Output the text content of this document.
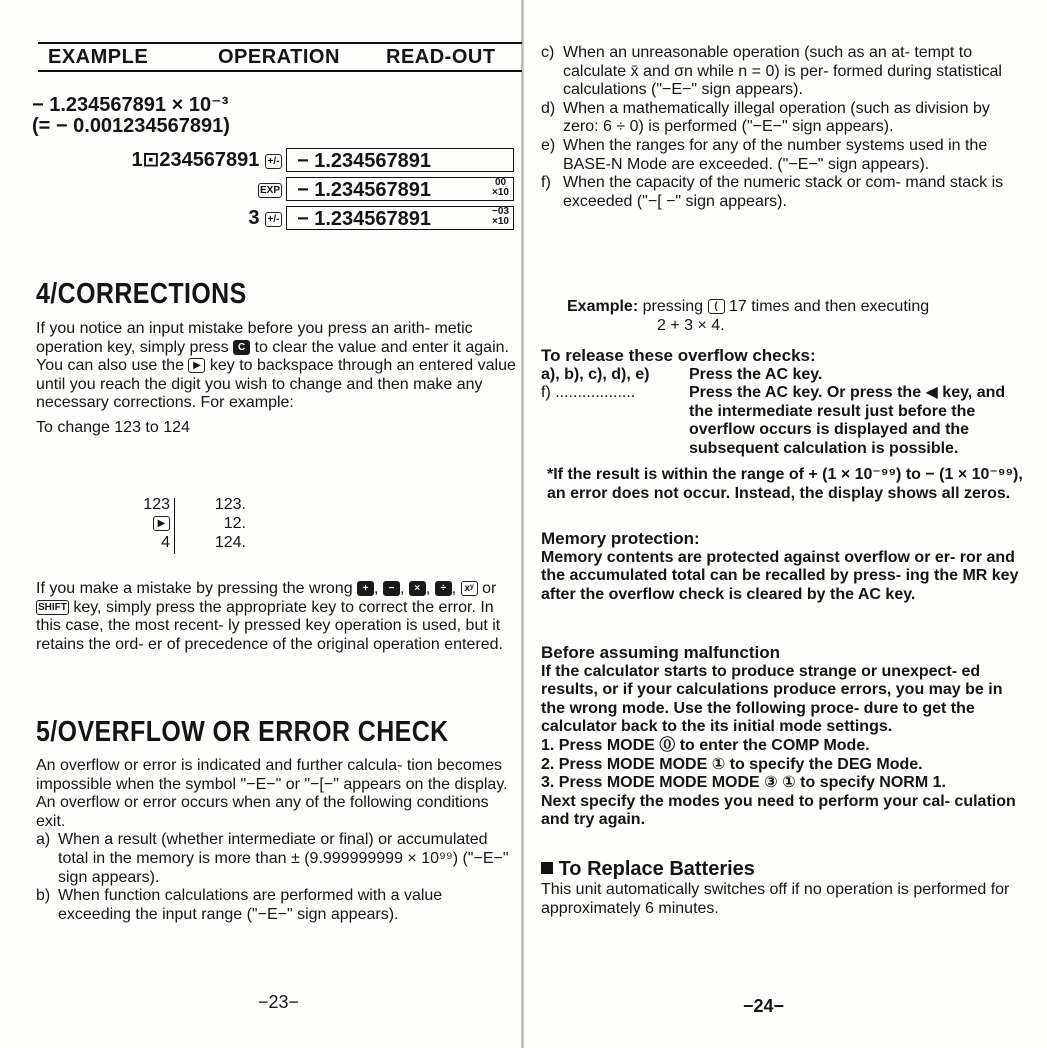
EXAMPLE	OPERATION READ-OUT
− 1.234567891 × 10⁻³
(= − 0.001234567891)
1⊡234567891 +/- − 1.234567891
EXP − 1.234567891	00
×10
3 +/- − 1.234567891	−03
×10
4/CORRECTIONS

If you notice an input mistake before you press an arith- metic operation key, simply press C to clear the value and enter it again.

You can also use the ▶ key to backspace through an entered value until you reach the digit you wish to change and then make any necessary corrections. For example:

To change 123 to 124

123	123.
▶	12.
4	124.
If you make a mistake by pressing the wrong + , − , × , ÷ , xʸ or SHIFT key, simply press the appropriate key to correct the error. In this case, the most recent- ly pressed key operation is used, but it retains the ord- er of precedence of the original operation entered.
5/OVERFLOW OR ERROR CHECK

An overflow or error is indicated and further calcula- tion becomes impossible when the symbol "−E−" or "−[−" appears on the display. An overflow or error occurs when any of the following conditions exit.

a) When a result (whether intermediate or final) or accumulated total in the memory is more than ± (9.999999999 × 10⁹⁹) ("−E−" sign appears).
b) When function calculations are performed with a value exceeding the input range ("−E−" sign appears).
−23−
c) When an unreasonable operation (such as an at- tempt to calculate x̄ and σn while n = 0) is per- formed during statistical calculations ("−E−" sign appears).
d) When a mathematically illegal operation (such as division by zero: 6 ÷ 0) is performed ("−E−" sign appears).
e) When the ranges for any of the number systems used in the BASE-N Mode are exceeded. ("−E−" sign appears).
f) When the capacity of the numeric stack or com- mand stack is exceeded ("−[ −" sign appears).
Example: pressing ( 17 times and then executing
2 + 3 × 4.

To release these overflow checks:

a), b), c), d), e)	Press the AC key.
f) ..................	Press the AC key. Or press the ◀ key, and the intermediate result just before the overflow occurs is displayed and the subsequent calculation is possible.
*If the result is within the range of + (1 × 10⁻⁹⁹) to − (1 × 10⁻⁹⁹), an error does not occur. Instead, the display shows all zeros.

Memory protection:

Memory contents are protected against overflow or er- ror and the accumulated total can be recalled by press- ing the MR key after the overflow check is cleared by the AC key.

Before assuming malfunction

If the calculator starts to produce strange or unexpect- ed results, or if your calculations produce errors, you may be in the wrong mode. Use the following proce- dure to get the calculator back to the its initial mode settings.

1. Press MODE ⓪ to enter the COMP Mode.

2. Press MODE MODE ① to specify the DEG Mode.

3. Press MODE MODE MODE ③ ① to specify NORM 1.

Next specify the modes you need to perform your cal- culation and try again.

To Replace Batteries

This unit automatically switches off if no operation is performed for approximately 6 minutes.

−24−
